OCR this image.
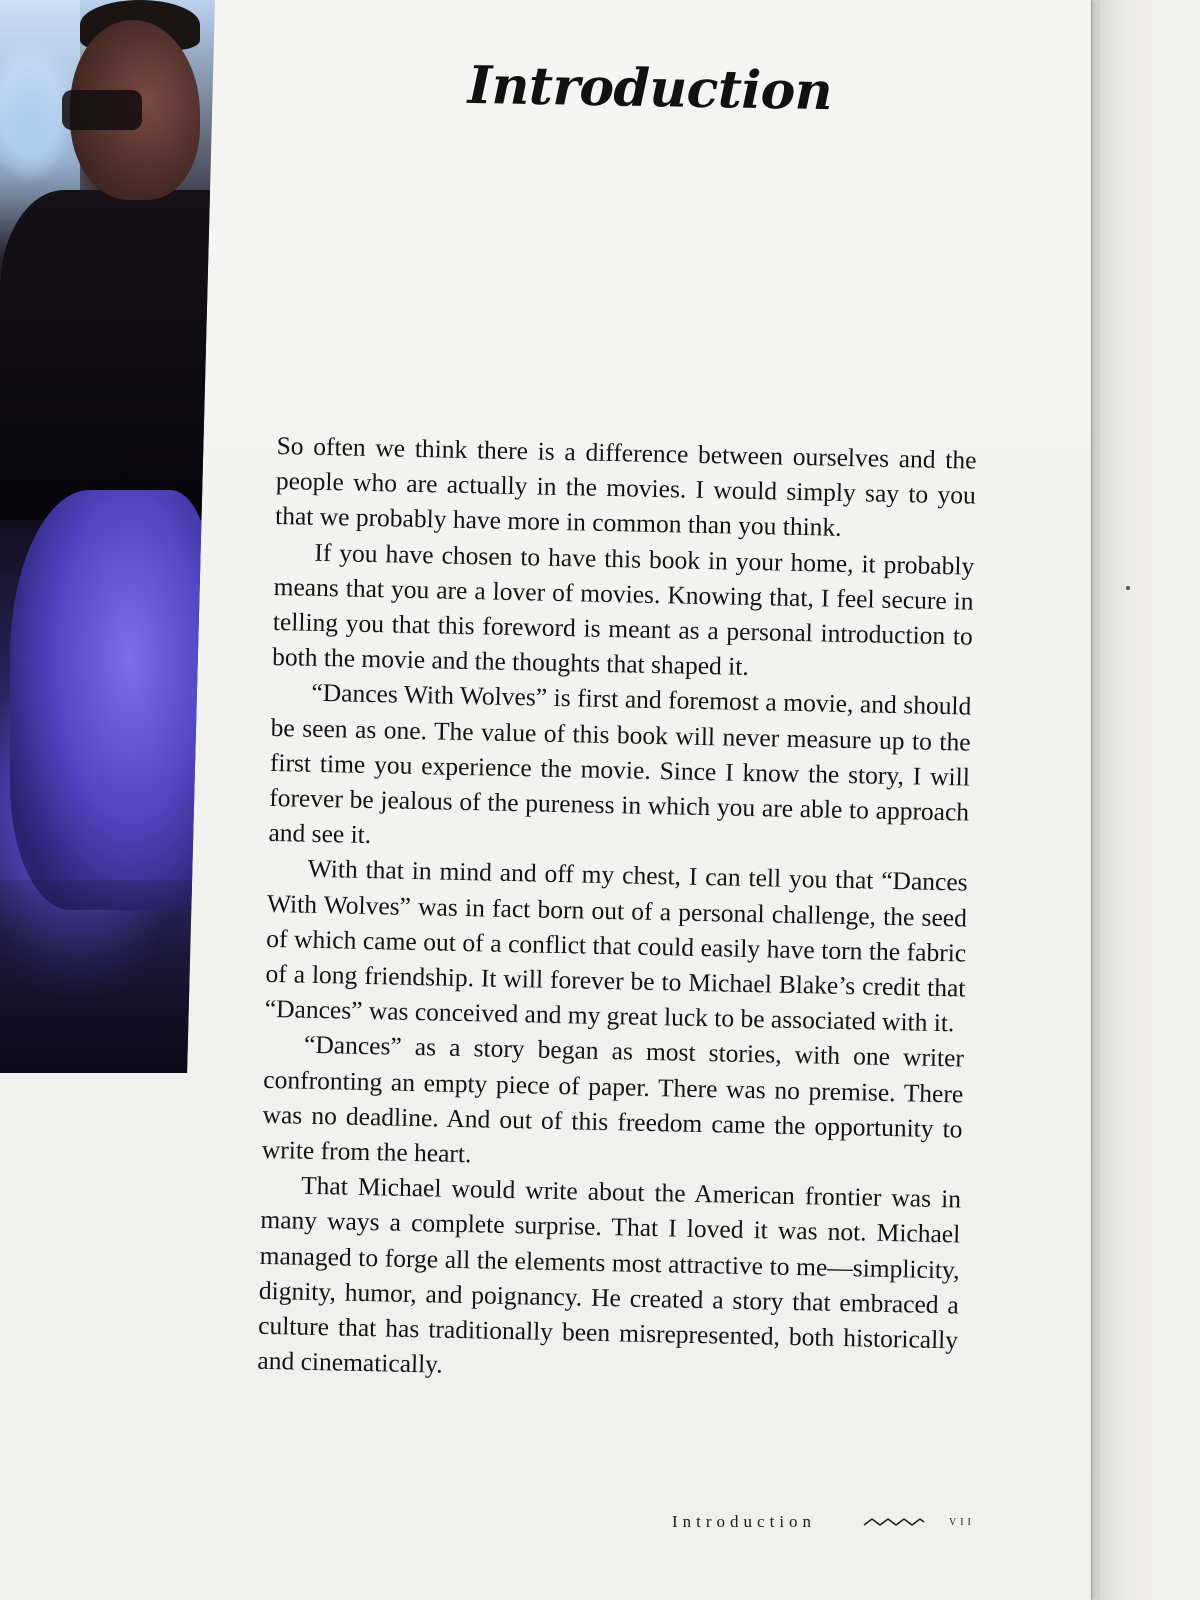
Introduction

So often we think there is a difference between ourselves and the people who are actually in the movies. I would simply say to you that we probably have more in common than you think.

If you have chosen to have this book in your home, it probably means that you are a lover of movies. Knowing that, I feel secure in telling you that this foreword is meant as a personal introduction to both the movie and the thoughts that shaped it.

“Dances With Wolves” is first and foremost a movie, and should be seen as one. The value of this book will never measure up to the first time you experience the movie. Since I know the story, I will forever be jealous of the pureness in which you are able to approach and see it.

With that in mind and off my chest, I can tell you that “Dances With Wolves” was in fact born out of a personal challenge, the seed of which came out of a conflict that could easily have torn the fabric of a long friendship. It will forever be to Michael Blake’s credit that “Dances” was conceived and my great luck to be associated with it.

“Dances” as a story began as most stories, with one writer confronting an empty piece of paper. There was no premise. There was no deadline. And out of this freedom came the opportunity to write from the heart.

That Michael would write about the American frontier was in many ways a complete surprise. That I loved it was not. Michael managed to forge all the elements most attractive to me—simplicity, dignity, humor, and poignancy. He created a story that embraced a culture that has traditionally been misrepresented, both historically and cinematically.

Introduction	vii
